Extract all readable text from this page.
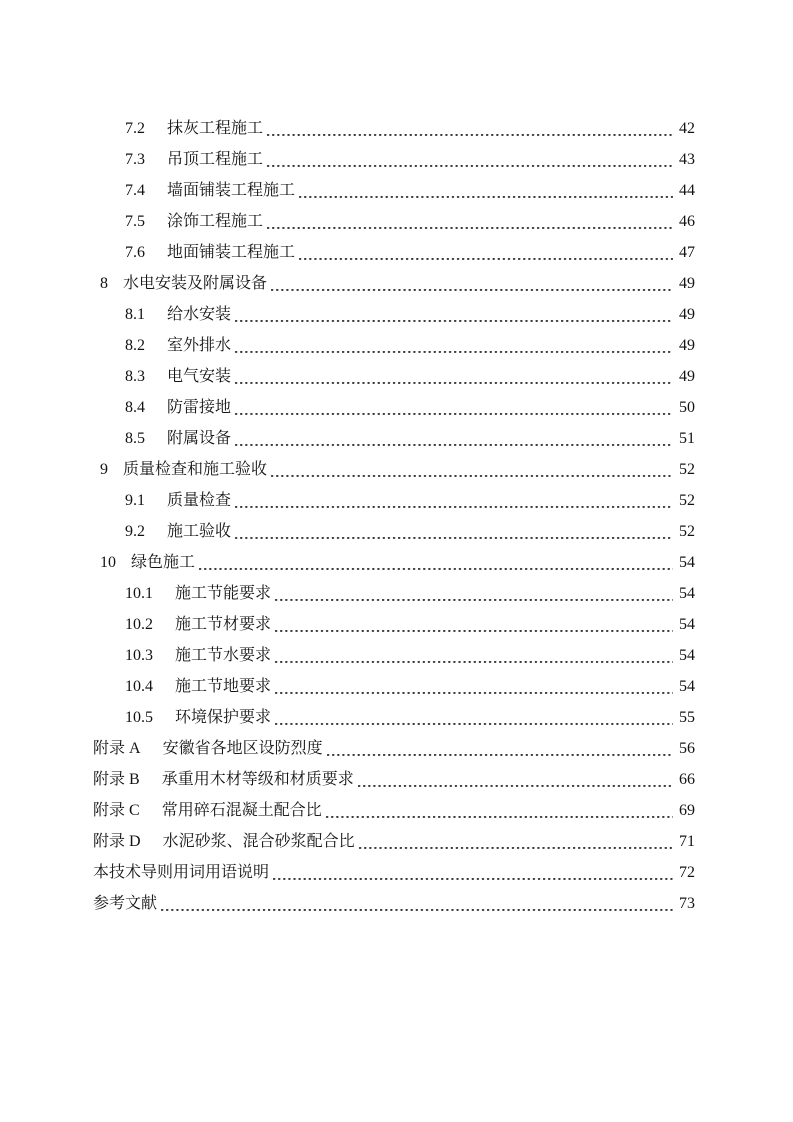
7.2 抹灰工程施工	42
7.3 吊顶工程施工	43
7.4 墙面铺装工程施工	44
7.5 涂饰工程施工	46
7.6 地面铺装工程施工	47
8 水电安装及附属设备	49
8.1 给水安装	49
8.2 室外排水	49
8.3 电气安装	49
8.4 防雷接地	50
8.5 附属设备	51
9 质量检查和施工验收	52
9.1 质量检查	52
9.2 施工验收	52
10 绿色施工	54
10.1 施工节能要求	54
10.2 施工节材要求	54
10.3 施工节水要求	54
10.4 施工节地要求	54
10.5 环境保护要求	55
附录 A 安徽省各地区设防烈度	56
附录 B 承重用木材等级和材质要求	66
附录 C 常用碎石混凝土配合比	69
附录 D 水泥砂浆、混合砂浆配合比	71
本技术导则用词用语说明	72
参考文献	73
